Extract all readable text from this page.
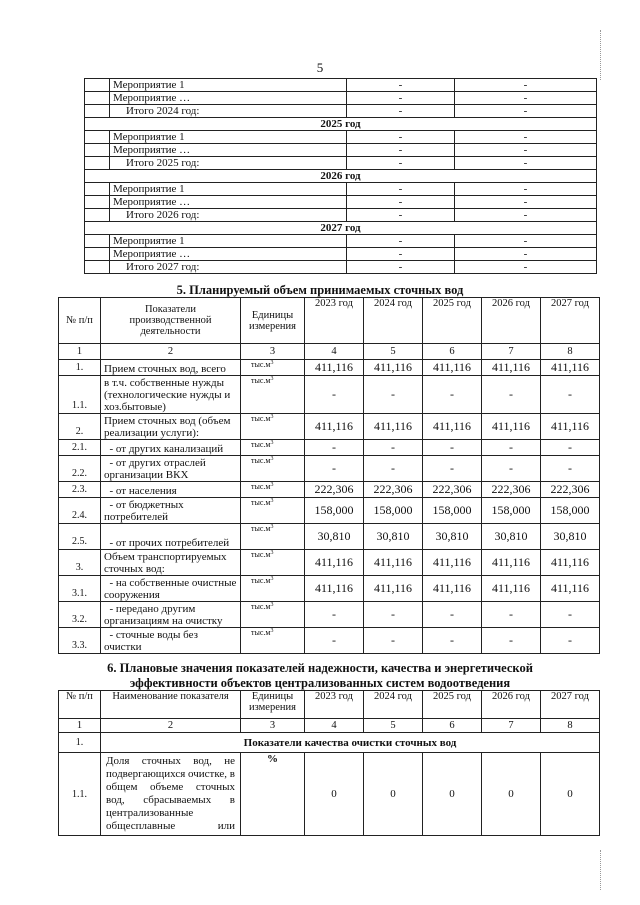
5
	Мероприятие 1	-	-
	Мероприятие …	-	-
	Итого 2024 год:	-	-
2025 год			
	Мероприятие 1	-	-
	Мероприятие …	-	-
	Итого 2025 год:	-	-
2026 год			
	Мероприятие 1	-	-
	Мероприятие …	-	-
	Итого 2026 год:	-	-
2027 год			
	Мероприятие 1	-	-
	Мероприятие …	-	-
	Итого 2027 год:	-	-
5. Планируемый объем принимаемых сточных вод
№ п/п	Показатели производственной деятельности	Единицы измерения	2023 год	2024 год	2025 год	2026 год	2027 год
1	2	3	4	5	6	7	8
1.	Прием сточных вод, всего	$тыс.м^3$	411,116	411,116	411,116	411,116	411,116
1.1.	в т.ч. собственные нужды (технологические нужды и хоз.бытовые)	$тыс.м^3$	-	-	-	-	-
2.	Прием сточных вод (объем реализации услуги):	$тыс.м^3$	411,116	411,116	411,116	411,116	411,116
2.1.	- от других канализаций	$тыс.м^3$	-	-	-	-	-
2.2.	- от других отраслей организации ВКХ	$тыс.м^3$	-	-	-	-	-
2.3.	- от населения	$тыс.м^3$	222,306	222,306	222,306	222,306	222,306
2.4.	- от бюджетных потребителей	$тыс.м^3$	158,000	158,000	158,000	158,000	158,000
2.5.	- от прочих потребителей	$тыс.м^3$	30,810	30,810	30,810	30,810	30,810
3.	Объем транспортируемых сточных вод:	$тыс.м^3$	411,116	411,116	411,116	411,116	411,116
3.1.	- на собственные очистные сооружения	$тыс.м^3$	411,116	411,116	411,116	411,116	411,116
3.2.	- передано другим организациям на очистку	$тыс.м^3$	-	-	-	-	-
3.3.	- сточные воды без очистки	$тыс.м^3$	-	-	-	-	-
6. Плановые значения показателей надежности, качества и энергетической
эффективности объектов централизованных систем водоотведения
№ п/п	Наименование показателя	Единицы измерения	2023 год	2024 год	2025 год	2026 год	2027 год
1	2	3	4	5	6	7	8
1.	Показатели качества очистки сточных вод						
1.1.	Доля сточных вод, не подвергающихся очистке, в общем объеме сточных вод, сбрасываемых в централизованные общесплавные или	%	0	0	0	0	0
